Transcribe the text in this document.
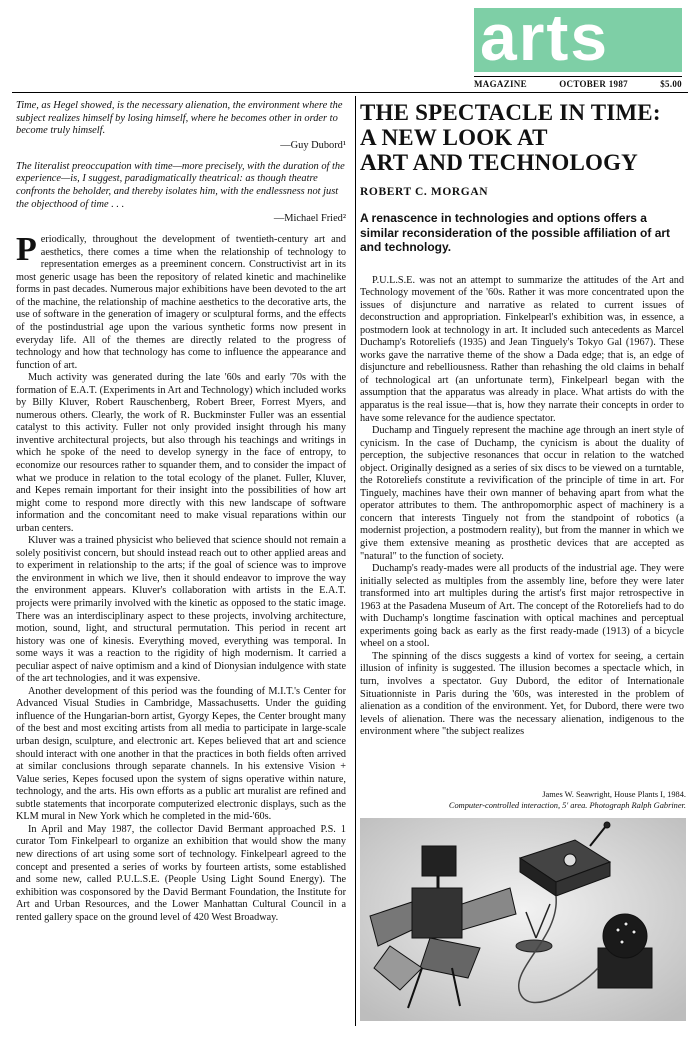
arts
MAGAZINE	OCTOBER 1987	$5.00

Time, as Hegel showed, is the necessary alienation, the environment where the subject realizes himself by losing himself, where he becomes other in order to become truly himself.

—Guy Dubord¹

The literalist preoccupation with time—more precisely, with the duration of the experience—is, I suggest, paradigmatically theatrical: as though theatre confronts the beholder, and thereby isolates him, with the endlessness not just the objecthood of time . . .

—Michael Fried²

Periodically, throughout the development of twentieth-century art and aesthetics, there comes a time when the relationship of technology to representation emerges as a preeminent concern. Constructivist art in its most generic usage has been the repository of related kinetic and machinelike forms in past decades. Numerous major exhibitions have been devoted to the art of the machine, the relationship of machine aesthetics to the decorative arts, the use of software in the generation of imagery or sculptural forms, and the effects of the postindustrial age upon the various synthetic forms now present in everyday life. All of the themes are directly related to the progress of technology and how that technology has come to influence the appearance and function of art.

Much activity was generated during the late '60s and early '70s with the formation of E.A.T. (Experiments in Art and Technology) which included works by Billy Kluver, Robert Rauschenberg, Robert Breer, Forrest Myers, and numerous others. Clearly, the work of R. Buckminster Fuller was an essential catalyst to this activity. Fuller not only provided insight through his many inventive architectural projects, but also through his teachings and writings in which he spoke of the need to develop synergy in the face of entropy, to economize our resources rather to squander them, and to consider the impact of what we produce in relation to the total ecology of the planet. Fuller, Kluver, and Kepes remain important for their insight into the possibilities of how art might come to respond more directly with this new landscape of software information and the concomitant need to make visual reparations within our urban centers.

Kluver was a trained physicist who believed that science should not remain a solely positivist concern, but should instead reach out to other applied areas and to experiment in relationship to the arts; if the goal of science was to improve the environment in which we live, then it should endeavor to improve the way the environment appears. Kluver's collaboration with artists in the E.A.T. projects were primarily involved with the kinetic as opposed to the static image. There was an interdisciplinary aspect to these projects, involving architecture, motion, sound, light, and structural permutation. This period in recent art history was one of kinesis. Everything moved, everything was temporal. In some ways it was a reaction to the rigidity of high modernism. It carried a peculiar aspect of naive optimism and a kind of Dionysian indulgence with state of the art technologies, and it was expensive.

Another development of this period was the founding of M.I.T.'s Center for Advanced Visual Studies in Cambridge, Massachusetts. Under the guiding influence of the Hungarian-born artist, Gyorgy Kepes, the Center brought many of the best and most exciting artists from all media to participate in large-scale urban design, sculpture, and electronic art. Kepes believed that art and science should interact with one another in that the practices in both fields often arrived at similar conclusions through separate channels. In his extensive Vision + Value series, Kepes focused upon the system of signs operative within nature, technology, and the arts. His own efforts as a public art muralist are refined and subtle statements that incorporate computerized electronic displays, such as the KLM mural in New York which he completed in the mid-'60s.

In April and May 1987, the collector David Bermant approached P.S. 1 curator Tom Finkelpearl to organize an exhibition that would show the many new directions of art using some sort of technology. Finkelpearl agreed to the concept and presented a series of works by fourteen artists, some established and some new, called P.U.L.S.E. (People Using Light Sound Energy). The exhibition was cosponsored by the David Bermant Foundation, the Institute for Art and Urban Resources, and the Lower Manhattan Cultural Council in a rented gallery space on the ground level of 420 West Broadway.

THE SPECTACLE IN TIME:
A NEW LOOK AT
ART AND TECHNOLOGY
ROBERT C. MORGAN

A renascence in technologies and options offers a similar reconsideration of the possible affiliation of art and technology.

P.U.L.S.E. was not an attempt to summarize the attitudes of the Art and Technology movement of the '60s. Rather it was more concentrated upon the issues of disjuncture and narrative as related to current issues of deconstruction and appropriation. Finkelpearl's exhibition was, in essence, a postmodern look at technology in art. It included such antecedents as Marcel Duchamp's Rotoreliefs (1935) and Jean Tinguely's Tokyo Gal (1967). These works gave the narrative theme of the show a Dada edge; that is, an edge of disjuncture and rebelliousness. Rather than rehashing the old claims in behalf of technological art (an unfortunate term), Finkelpearl began with the assumption that the apparatus was already in place. What artists do with the apparatus is the real issue—that is, how they narrate their concepts in order to have some relevance for the audience spectator.

Duchamp and Tinguely represent the machine age through an inert style of cynicism. In the case of Duchamp, the cynicism is about the duality of perception, the subjective resonances that occur in relation to the watched object. Originally designed as a series of six discs to be viewed on a turntable, the Rotoreliefs constitute a revivification of the principle of time in art. For Tinguely, machines have their own manner of behaving apart from what the operator attributes to them. The anthropomorphic aspect of machinery is a concern that interests Tinguely not from the standpoint of robotics (a modernist projection, a postmodern reality), but from the manner in which we give them extensive meaning as prosthetic devices that are accepted as "natural" to the function of society.

Duchamp's ready-mades were all products of the industrial age. They were initially selected as multiples from the assembly line, before they were later transformed into art multiples during the artist's first major retrospective in 1963 at the Pasadena Museum of Art. The concept of the Rotoreliefs had to do with Duchamp's longtime fascination with optical machines and perceptual experiments going back as early as the first ready-made (1913) of a bicycle wheel on a stool.

The spinning of the discs suggests a kind of vortex for seeing, a certain illusion of infinity is suggested. The illusion becomes a spectacle which, in turn, involves a spectator. Guy Dubord, the editor of Internationale Situationniste in Paris during the '60s, was interested in the problem of alienation as a condition of the environment. Yet, for Dubord, there were two levels of alienation. There was the necessary alienation, indigenous to the environment where "the subject realizes

James W. Seawright, House Plants I, 1984.

Computer-controlled interaction, 5' area. Photograph Ralph Gabriner.
